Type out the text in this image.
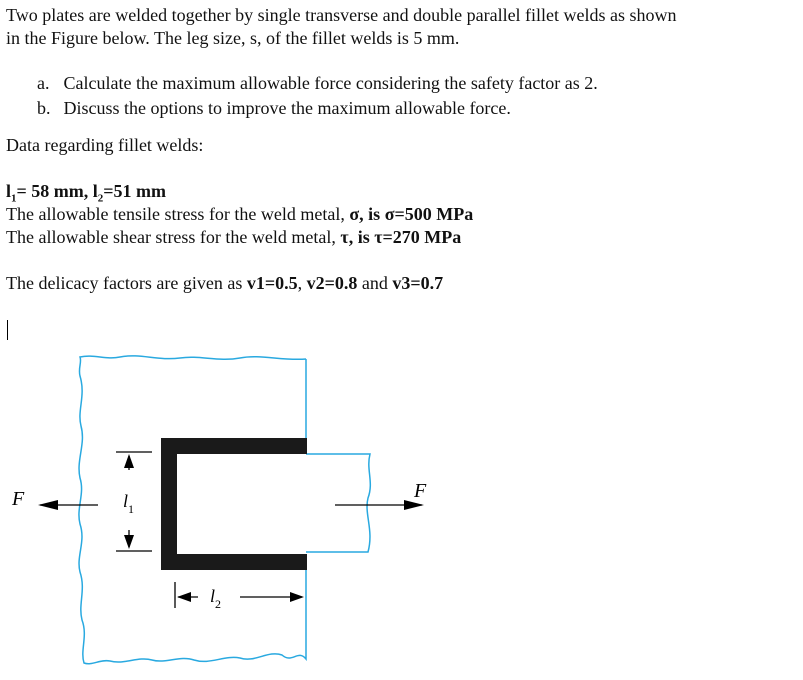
Two plates are welded together by single transverse and double parallel fillet welds as shown
in the Figure below. The leg size, s, of the fillet welds is 5 mm.
a. Calculate the maximum allowable force considering the safety factor as 2.
b. Discuss the options to improve the maximum allowable force.
Data regarding fillet welds:
$l_1= 58$ mm, $l_2=51$ mm
The allowable tensile stress for the weld metal, σ, is σ=500 MPa
The allowable shear stress for the weld metal, τ, is τ=270 MPa
The delicacy factors are given as v1=0.5, v2=0.8 and v3=0.7
F	F
$l_1$
$l_2$
